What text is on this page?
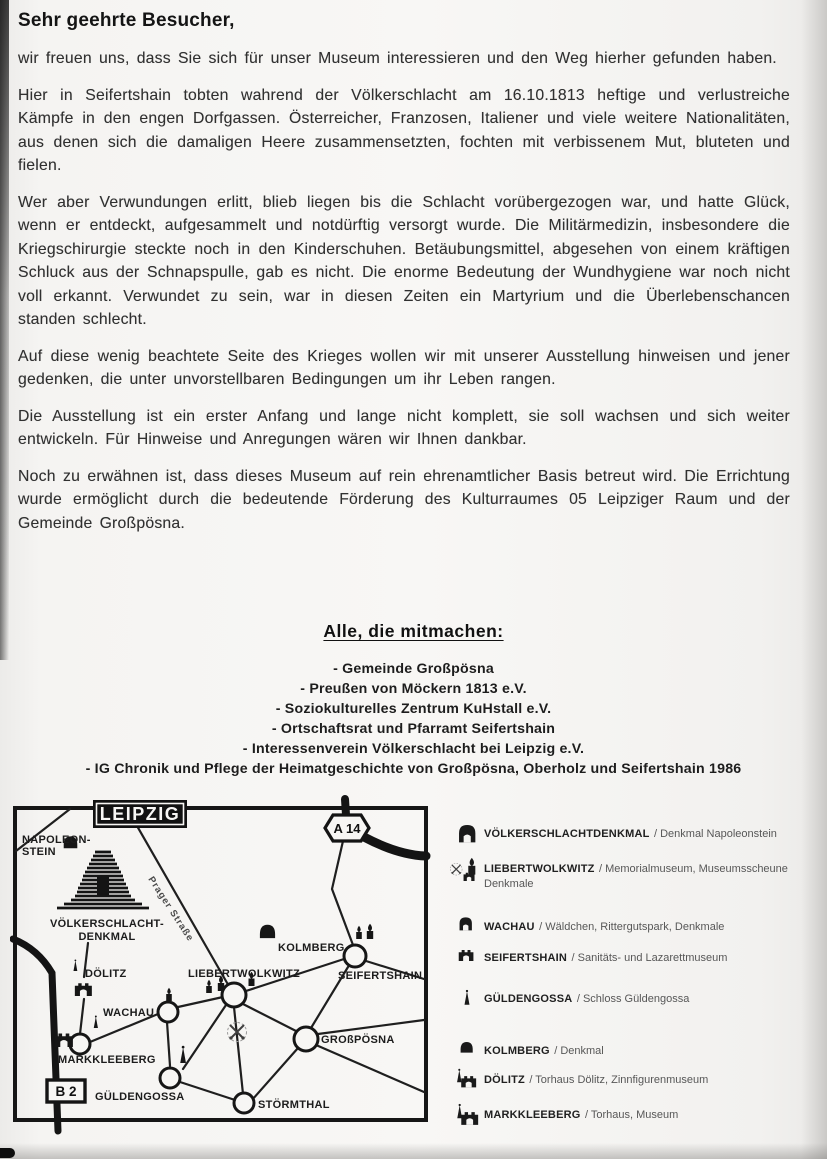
Sehr geehrte Besucher,

wir freuen uns, dass Sie sich für unser Museum interessieren und den Weg hierher gefunden haben.

Hier in Seifertshain tobten wahrend der Völkerschlacht am 16.10.1813 heftige und verlustreiche Kämpfe in den engen Dorfgassen. Österreicher, Franzosen, Italiener und viele weitere Nationalitäten, aus denen sich die damaligen Heere zusammensetzten, fochten mit verbissenem Mut, bluteten und fielen.

Wer aber Verwundungen erlitt, blieb liegen bis die Schlacht vorübergezogen war, und hatte Glück, wenn er entdeckt, aufgesammelt und notdürftig versorgt wurde. Die Militärmedizin, insbesondere die Kriegschirurgie steckte noch in den Kinderschuhen. Betäubungsmittel, abgesehen von einem kräftigen Schluck aus der Schnapspulle, gab es nicht. Die enorme Bedeutung der Wundhygiene war noch nicht voll erkannt. Verwundet zu sein, war in diesen Zeiten ein Martyrium und die Überlebenschancen standen schlecht.

Auf diese wenig beachtete Seite des Krieges wollen wir mit unserer Ausstellung hinweisen und jener gedenken, die unter unvorstellbaren Bedingungen um ihr Leben rangen.

Die Ausstellung ist ein erster Anfang und lange nicht komplett, sie soll wachsen und sich weiter entwickeln. Für Hinweise und Anregungen wären wir Ihnen dankbar.

Noch zu erwähnen ist, dass dieses Museum auf rein ehrenamtlicher Basis betreut wird. Die Errichtung wurde ermöglicht durch die bedeutende Förderung des Kulturraumes 05 Leipziger Raum und der Gemeinde Großpösna.

Alle, die mitmachen:
- Gemeinde Großpösna
- Preußen von Möckern 1813 e.V.
- Soziokulturelles Zentrum KuHstall e.V.
- Ortschaftsrat und Pfarramt Seifertshain
- Interessenverein Völkerschlacht bei Leipzig e.V.
- IG Chronik und Pflege der Heimatgeschichte von Großpösna, Oberholz und Seifertshain 1986
LEIPZIG
A 14
B 2
NAPOLEON-
STEIN
VÖLKERSCHLACHT-
DENKMAL Prager Straße
KOLMBERG
SEIFERTSHAIN
LIEBERTWOLKWITZ
DÖLITZ
WACHAU
MARKKLEEBERG
GROßPÖSNA
GÜLDENGOSSA
STÖRMTHAL
VÖLKERSCHLACHTDENKMAL / Denkmal Napoleonstein
LIEBERTWOLKWITZ / Memorialmuseum, Museumsscheune Denkmale
WACHAU / Wäldchen, Rittergutspark, Denkmale
SEIFERTSHAIN / Sanitäts- und Lazarettmuseum
GÜLDENGOSSA / Schloss Güldengossa
KOLMBERG / Denkmal
DÖLITZ / Torhaus Dölitz, Zinnfigurenmuseum
MARKKLEEBERG / Torhaus, Museum
